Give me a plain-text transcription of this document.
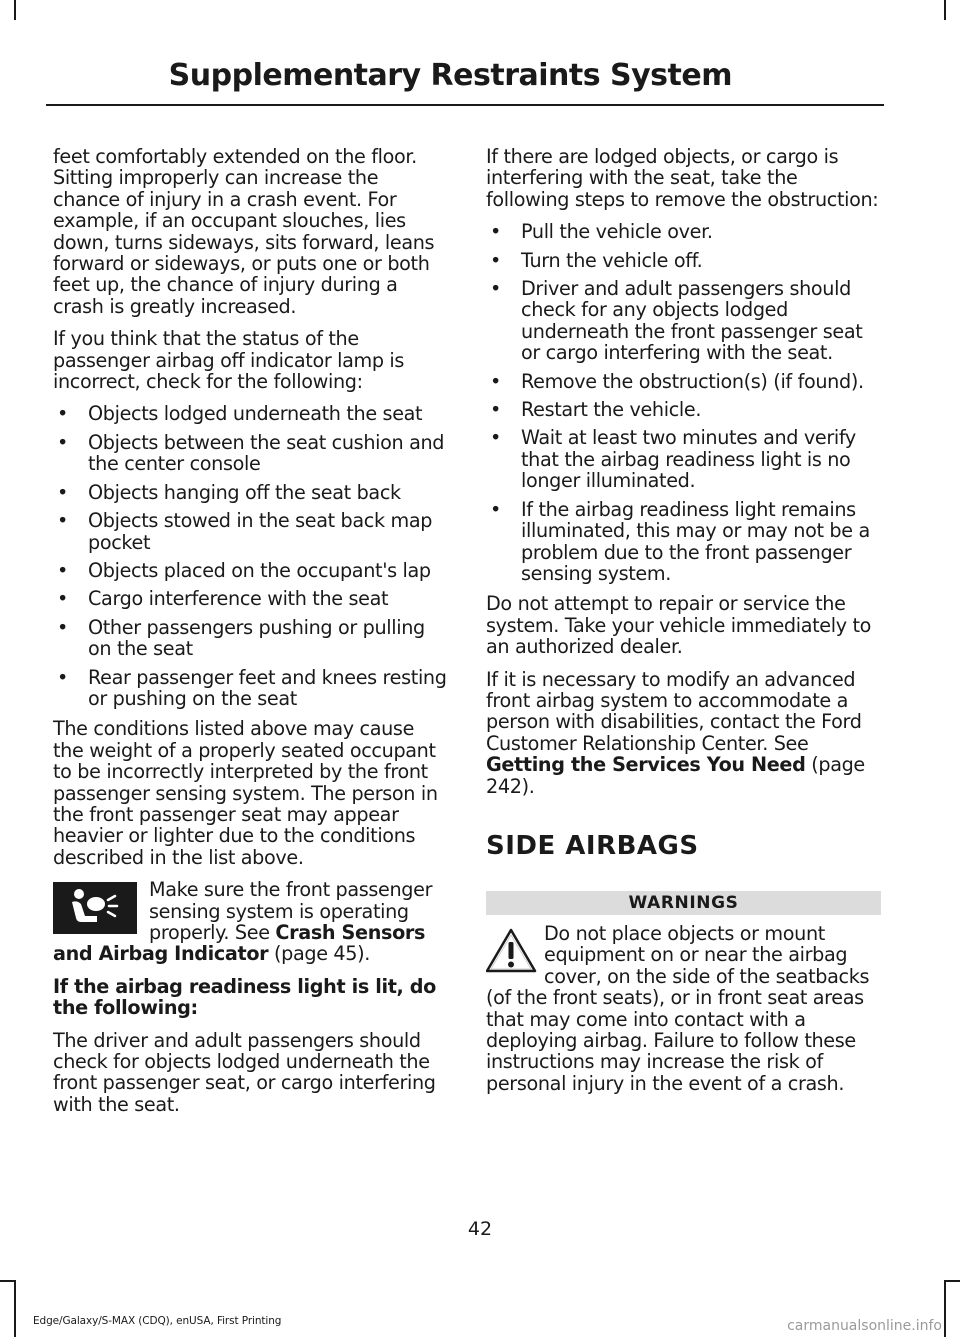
Supplementary Restraints System

feet comfortably extended on the floor. Sitting improperly can increase the chance of injury in a crash event. For example, if an occupant slouches, lies down, turns sideways, sits forward, leans forward or sideways, or puts one or both feet up, the chance of injury during a crash is greatly increased.

If you think that the status of the passenger airbag off indicator lamp is incorrect, check for the following:

• Objects lodged underneath the seat
• Objects between the seat cushion and the center console
• Objects hanging off the seat back
• Objects stowed in the seat back map pocket
• Objects placed on the occupant's lap
• Cargo interference with the seat
• Other passengers pushing or pulling on the seat
• Rear passenger feet and knees resting or pushing on the seat

The conditions listed above may cause the weight of a properly seated occupant to be incorrectly interpreted by the front passenger sensing system. The person in the front passenger seat may appear heavier or lighter due to the conditions described in the list above.

Make sure the front passenger sensing system is operating properly. See Crash Sensors and Airbag Indicator (page 45).

If the airbag readiness light is lit, do the following:

The driver and adult passengers should check for objects lodged underneath the front passenger seat, or cargo interfering with the seat.

If there are lodged objects, or cargo is interfering with the seat, take the following steps to remove the obstruction:

• Pull the vehicle over.
• Turn the vehicle off.
• Driver and adult passengers should check for any objects lodged underneath the front passenger seat or cargo interfering with the seat.
• Remove the obstruction(s) (if found).
• Restart the vehicle.
• Wait at least two minutes and verify that the airbag readiness light is no longer illuminated.
• If the airbag readiness light remains illuminated, this may or may not be a problem due to the front passenger sensing system.

Do not attempt to repair or service the system. Take your vehicle immediately to an authorized dealer.

If it is necessary to modify an advanced front airbag system to accommodate a person with disabilities, contact the Ford Customer Relationship Center. See Getting the Services You Need (page 242).

SIDE AIRBAGS
WARNINGS
Do not place objects or mount equipment on or near the airbag cover, on the side of the seatbacks (of the front seats), or in front seat areas that may come into contact with a deploying airbag. Failure to follow these instructions may increase the risk of personal injury in the event of a crash.
42
Edge/Galaxy/S-MAX (CDQ), enUSA, First Printing	carmanualsonline.info
